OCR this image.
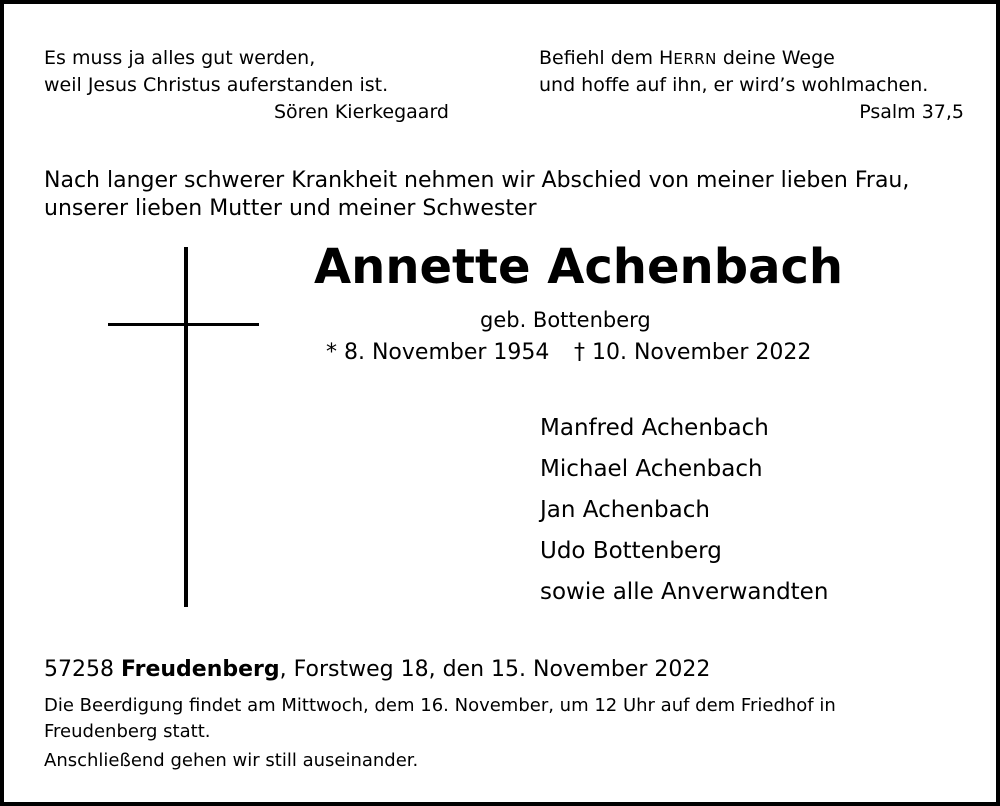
Es muss ja alles gut werden,
weil Jesus Christus auferstanden ist.
Sören Kierkegaard
Befiehl dem HERRN deine Wege
und hoffe auf ihn, er wird’s wohlmachen.
Psalm 37,5
Nach langer schwerer Krankheit nehmen wir Abschied von meiner lieben Frau,
unserer lieben Mutter und meiner Schwester
Annette Achenbach
geb. Bottenberg
* 8. November 1954 † 10. November 2022
Manfred Achenbach
Michael Achenbach
Jan Achenbach
Udo Bottenberg
sowie alle Anverwandten
57258 Freudenberg, Forstweg 18, den 15. November 2022
Die Beerdigung findet am Mittwoch, dem 16. November, um 12 Uhr auf dem Friedhof in
Freudenberg statt.
Anschließend gehen wir still auseinander.
